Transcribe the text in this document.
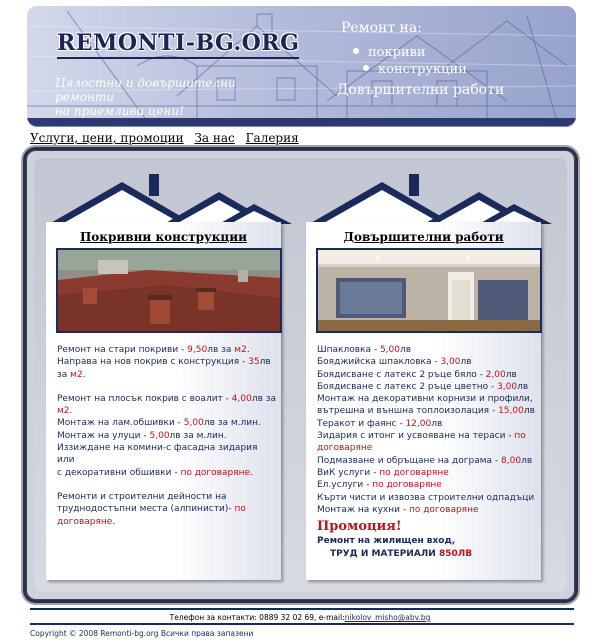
REMONTI-BG.ORG
Цялостни и довършителни ремонти
на приемливи цени!
Ремонт на:
покриви
конструкции
Довършителни работи
Услуги, цени, промоции За нас Галерия
Покривни конструкции
Ремонт на стари покриви - 9,50лв за м2.
Направа на нов покрив с конструкция - 35лв
за м2.
Ремонт на плосък покрив с воалит - 4,00лв за
м2.
Монтаж на лам.обшивки - 5,00лв за м.лин.
Монтаж на улуци - 5,00лв за м.лин.
Иззиждане на комини-с фасадна зидария или
с декоративни обшивки - по договаряне.
Ремонти и строителни дейности на
труднодостъпни места (алпинисти)- по
договаряне.
Довършителни работи
Шпакловка - 5,00лв
Бояджийска шпакловка - 3,00лв
Боядисване с латекс 2 ръце бяло - 2,00лв
Боядисване с латекс 2 ръце цветно - 3,00лв
Монтаж на декоративни корнизи и профили,
вътрешна и външна топлоизолация - 15,00лв
Теракот и фаянс - 12,00лв
Зидария с итонг и усвояване на тераси - по
договаряне
Подмазване и обръщане на дограма - 8,00лв
ВиК услуги - по договаряне
Ел.услуги - по договаряне
Кърти чисти и извозва строителни одпадъци
Монтаж на кухни - по договаряне
Промоция!
Ремонт на жилищен вход,
ТРУД И МАТЕРИАЛИ 850ЛВ
Телефон за контакти: 0889 32 02 69, e-mail:nikolov_misho@abv.bg
Copyright © 2008 Remonti-bg.org Всички права запазени
